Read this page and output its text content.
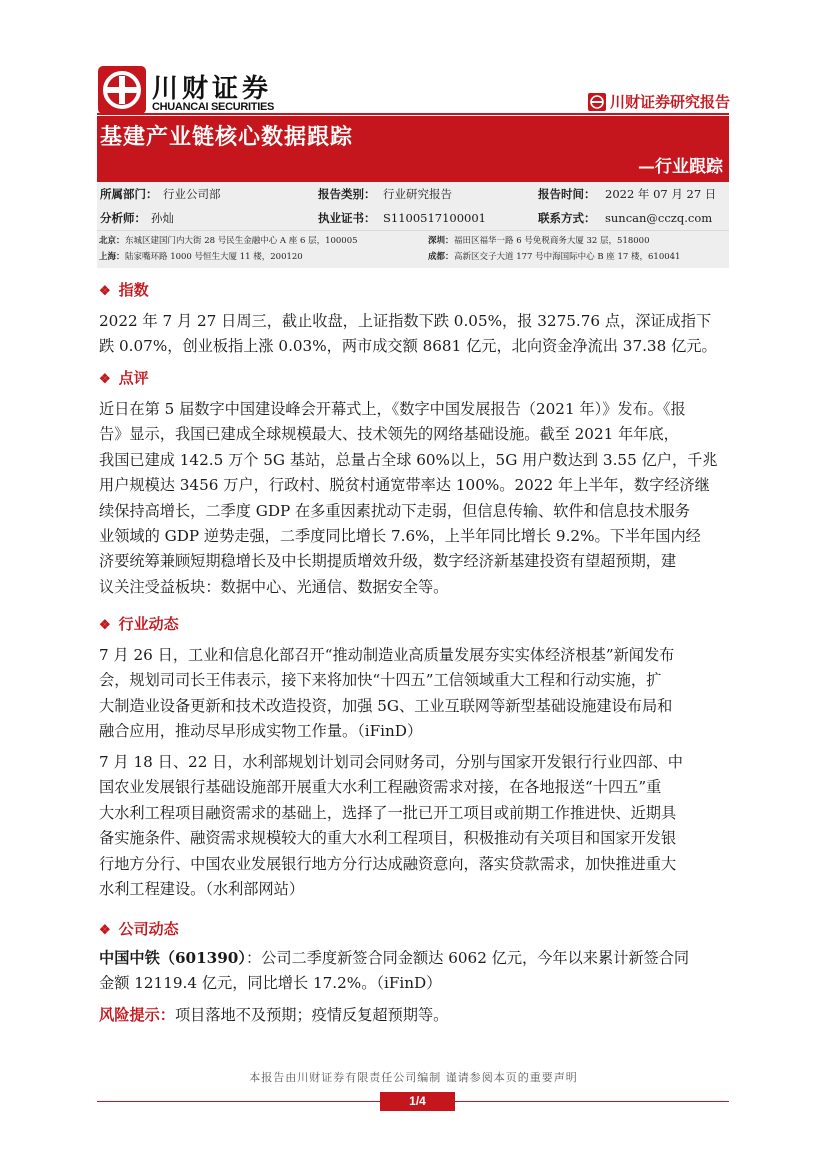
川财证券
CHUANCAI SECURITIES	川财证券研究报告
基建产业链核心数据跟踪
—行业跟踪
所属部门： 行业公司部	报告类别： 行业研究报告	报告时间： 2022 年 07 月 27 日
分析师： 孙灿	执业证书： S1100517100001	联系方式： suncan@cczq.com
北京： 东城区建国门内大街 28 号民生金融中心 A 座 6 层，100005	深圳： 福田区福华一路 6 号免税商务大厦 32 层，518000
上海： 陆家嘴环路 1000 号恒生大厦 11 楼，200120	成都： 高新区交子大道 177 号中海国际中心 B 座 17 楼，610041
❖ 指数
2022 年 7 月 27 日周三，截止收盘，上证指数下跌 0.05%，报 3275.76 点，深证成指下
跌 0.07%，创业板指上涨 0.03%，两市成交额 8681 亿元，北向资金净流出 37.38 亿元。
❖ 点评
近日在第 5 届数字中国建设峰会开幕式上，《数字中国发展报告（2021 年）》发布。《报
告》显示，我国已建成全球规模最大、技术领先的网络基础设施。截至 2021 年年底，
我国已建成 142.5 万个 5G 基站，总量占全球 60%以上，5G 用户数达到 3.55 亿户，千兆
用户规模达 3456 万户，行政村、脱贫村通宽带率达 100%。2022 年上半年，数字经济继
续保持高增长，二季度 GDP 在多重因素扰动下走弱，但信息传输、软件和信息技术服务
业领域的 GDP 逆势走强，二季度同比增长 7.6%，上半年同比增长 9.2%。下半年国内经
济要统筹兼顾短期稳增长及中长期提质增效升级，数字经济新基建投资有望超预期，建
议关注受益板块：数据中心、光通信、数据安全等。
❖ 行业动态
7 月 26 日，工业和信息化部召开“推动制造业高质量发展夯实实体经济根基”新闻发布
会，规划司司长王伟表示，接下来将加快“十四五”工信领域重大工程和行动实施，扩
大制造业设备更新和技术改造投资，加强 5G、工业互联网等新型基础设施建设布局和
融合应用，推动尽早形成实物工作量。（iFinD）
7 月 18 日、22 日，水利部规划计划司会同财务司，分别与国家开发银行行业四部、中
国农业发展银行基础设施部开展重大水利工程融资需求对接，在各地报送“十四五”重
大水利工程项目融资需求的基础上，选择了一批已开工项目或前期工作推进快、近期具
备实施条件、融资需求规模较大的重大水利工程项目，积极推动有关项目和国家开发银
行地方分行、中国农业发展银行地方分行达成融资意向，落实贷款需求，加快推进重大
水利工程建设。（水利部网站）
❖ 公司动态
中国中铁（601390）：公司二季度新签合同金额达 6062 亿元，今年以来累计新签合同
金额 12119.4 亿元，同比增长 17.2%。（iFinD）
风险提示：项目落地不及预期；疫情反复超预期等。
本报告由川财证券有限责任公司编制 谨请参阅本页的重要声明
1/4
